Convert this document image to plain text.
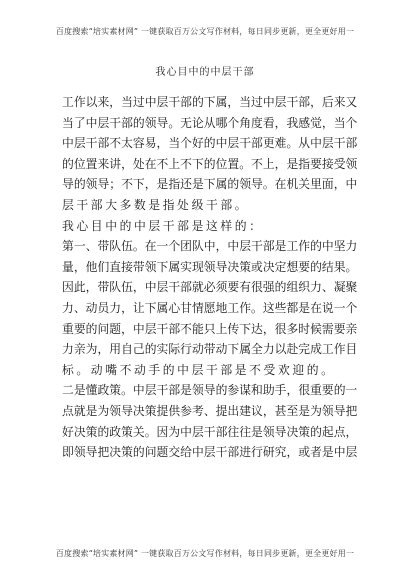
百度搜索“培实素材网” 一键获取百万公文写作材料，每日同步更新，更全更好用一
我心目中的中层干部
工 作 以 来 ， 当 过 中 层 干 部 的 下 属 ， 当 过 中 层 干 部 ， 后 来 又
当 了 中 层 干 部 的 领 导 。 无 论 从 哪 个 角 度 看 ， 我 感 觉 ， 当 个
中 层 干 部 不 太 容 易 ， 当 个 好 的 中 层 干 部 更 难 。 从 中 层 干 部
的 位 置 来 讲 ， 处 在 不 上 不 下 的 位 置 。 不 上 ， 是 指 要 接 受 领
导 的 领 导 ； 不 下 ， 是 指 还 是 下 属 的 领 导 。 在 机 关 里 面 ， 中
层干部大多数是指处级干部。
我心目中的中层干部是这样的：
第 一 、 带 队 伍 。 在 一 个 团 队 中 ， 中 层 干 部 是 工 作 的 中 坚 力
量 ， 他 们 直 接 带 领 下 属 实 现 领 导 决 策 或 决 定 想 要 的 结 果 。
因 此 ， 带 队 伍 ， 中 层 干 部 就 必 须 要 有 很 强 的 组 织 力 、 凝 聚
力 、 动 员 力 ， 让 下 属 心 甘 情 愿 地 工 作 。 这 些 都 是 在 说 一 个
重 要 的 问 题 ， 中 层 干 部 不 能 只 上 传 下 达 ， 很 多 时 候 需 要 亲
力 亲 为 ， 用 自 己 的 实 际 行 动 带 动 下 属 全 力 以 赴 完 成 工 作 目
标。动嘴不动手的中层干部是不受欢迎的。
二 是 懂 政 策 。 中 层 干 部 是 领 导 的 参 谋 和 助 手 ， 很 重 要 的 一
点 就 是 为 领 导 决 策 提 供 参 考 、 提 出 建 议 ， 甚 至 是 为 领 导 把
好 决 策 的 政 策 关 。 因 为 中 层 干 部 往 往 是 领 导 决 策 的 起 点 ，
即 领 导 把 决 策 的 问 题 交 给 中 层 干 部 进 行 研 究 ， 或 者 是 中 层
百度搜索“培实素材网” 一键获取百万公文写作材料，每日同步更新，更全更好用一
